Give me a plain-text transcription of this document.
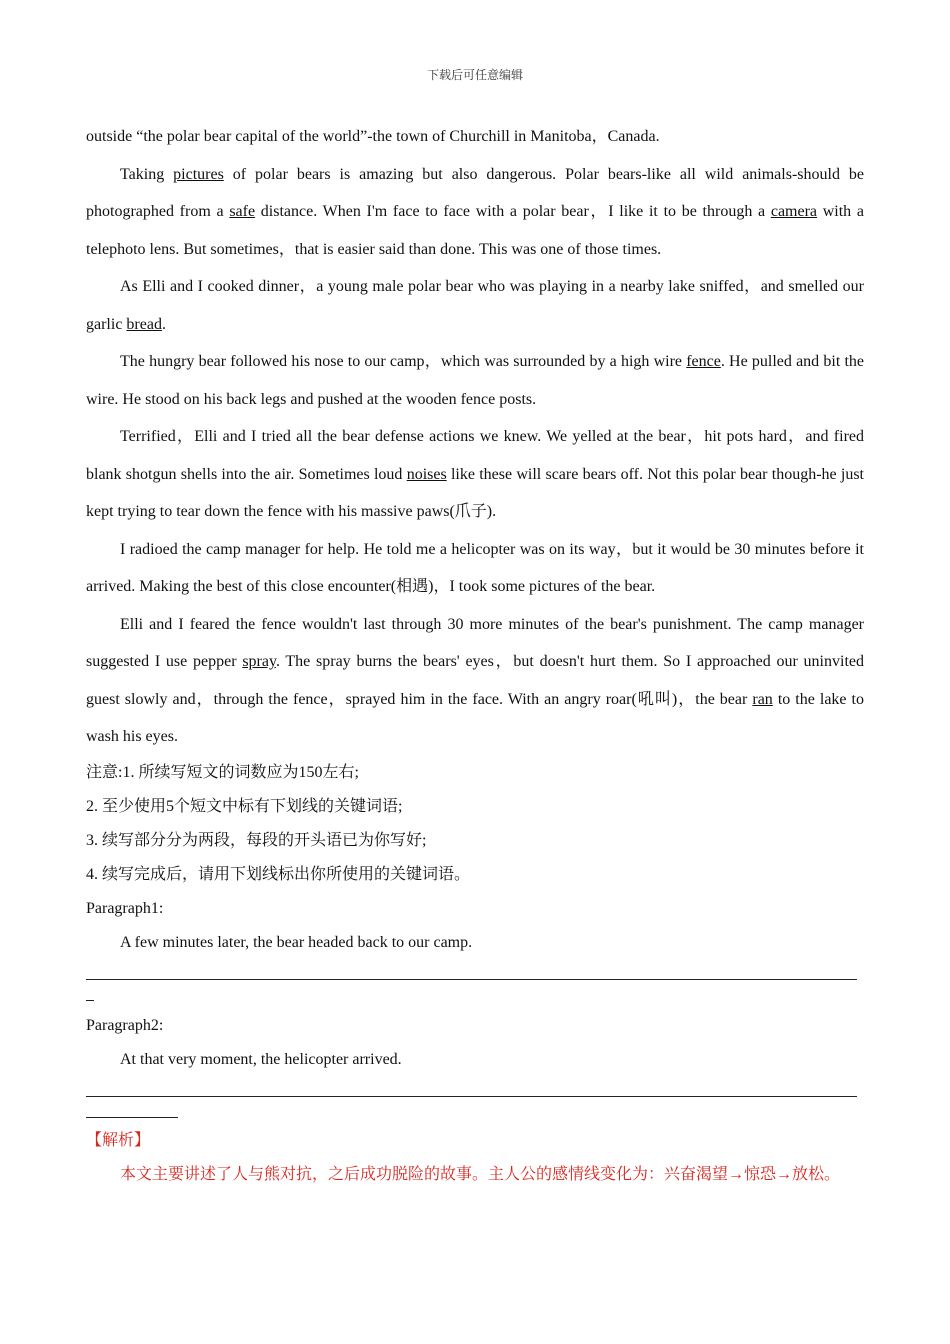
下载后可任意编辑

outside “the polar bear capital of the world”-the town of Churchill in Manitoba，Canada.

Taking pictures of polar bears is amazing but also dangerous. Polar bears-like all wild animals-should be photographed from a safe distance. When I'm face to face with a polar bear，I like it to be through a camera with a telephoto lens. But sometimes，that is easier said than done. This was one of those times.

As Elli and I cooked dinner，a young male polar bear who was playing in a nearby lake sniffed，and smelled our garlic bread.

The hungry bear followed his nose to our camp，which was surrounded by a high wire fence. He pulled and bit the wire. He stood on his back legs and pushed at the wooden fence posts.

Terrified，Elli and I tried all the bear defense actions we knew. We yelled at the bear，hit pots hard，and fired blank shotgun shells into the air. Sometimes loud noises like these will scare bears off. Not this polar bear though-he just kept trying to tear down the fence with his massive paws(爪子).

I radioed the camp manager for help. He told me a helicopter was on its way，but it would be 30 minutes before it arrived. Making the best of this close encounter(相遇)，I took some pictures of the bear.

Elli and I feared the fence wouldn't last through 30 more minutes of the bear's punishment. The camp manager suggested I use pepper spray. The spray burns the bears' eyes，but doesn't hurt them. So I approached our uninvited guest slowly and，through the fence，sprayed him in the face. With an angry roar(吼叫)，the bear ran to the lake to wash his eyes.

注意:1. 所续写短文的词数应为150左右;

2. 至少使用5个短文中标有下划线的关键词语;

3. 续写部分分为两段，每段的开头语已为你写好;

4. 续写完成后，请用下划线标出你所使用的关键词语。

Paragraph1:

A few minutes later, the bear headed back to our camp.

Paragraph2:

At that very moment, the helicopter arrived.

【解析】

本文主要讲述了人与熊对抗，之后成功脱险的故事。主人公的感情线变化为：兴奋渴望→惊恐→放松。
